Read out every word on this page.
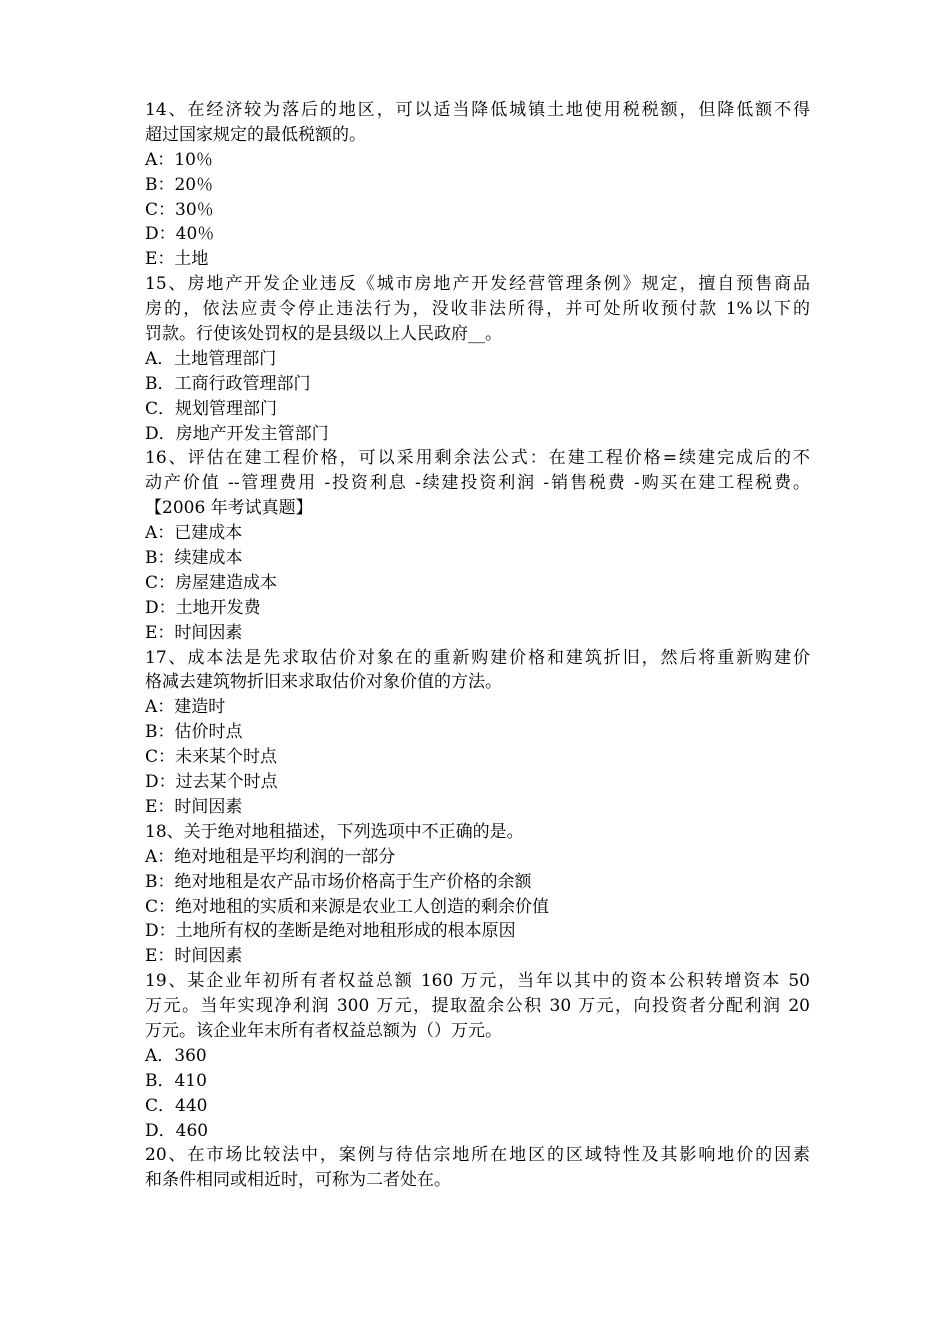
14、在经济较为落后的地区，可以适当降低城镇土地使用税税额，但降低额不得
超过国家规定的最低税额的。
A：10％
B：20％
C：30％
D：40％
E：土地
15、房地产开发企业违反《城市房地产开发经营管理条例》规定，擅自预售商品
房的，依法应责令停止违法行为，没收非法所得，并可处所收预付款 1%以下的
罚款。行使该处罚权的是县级以上人民政府__。
A．土地管理部门
B．工商行政管理部门
C．规划管理部门
D．房地产开发主管部门
16、评估在建工程价格，可以采用剩余法公式：在建工程价格=续建完成后的不
动产价值 --管理费用 -投资利息 -续建投资利润 -销售税费 -购买在建工程税费。
【2006 年考试真题】
A：已建成本
B：续建成本
C：房屋建造成本
D：土地开发费
E：时间因素
17、成本法是先求取估价对象在的重新购建价格和建筑折旧，然后将重新购建价
格减去建筑物折旧来求取估价对象价值的方法。
A：建造时
B：估价时点
C：未来某个时点
D：过去某个时点
E：时间因素
18、关于绝对地租描述，下列选项中不正确的是。
A：绝对地租是平均利润的一部分
B：绝对地租是农产品市场价格高于生产价格的余额
C：绝对地租的实质和来源是农业工人创造的剩余价值
D：土地所有权的垄断是绝对地租形成的根本原因
E：时间因素
19、某企业年初所有者权益总额 160 万元，当年以其中的资本公积转增资本 50
万元。当年实现净利润 300 万元，提取盈余公积 30 万元，向投资者分配利润 20
万元。该企业年末所有者权益总额为（）万元。
A．360
B．410
C．440
D．460
20、在市场比较法中，案例与待估宗地所在地区的区域特性及其影响地价的因素
和条件相同或相近时，可称为二者处在。
